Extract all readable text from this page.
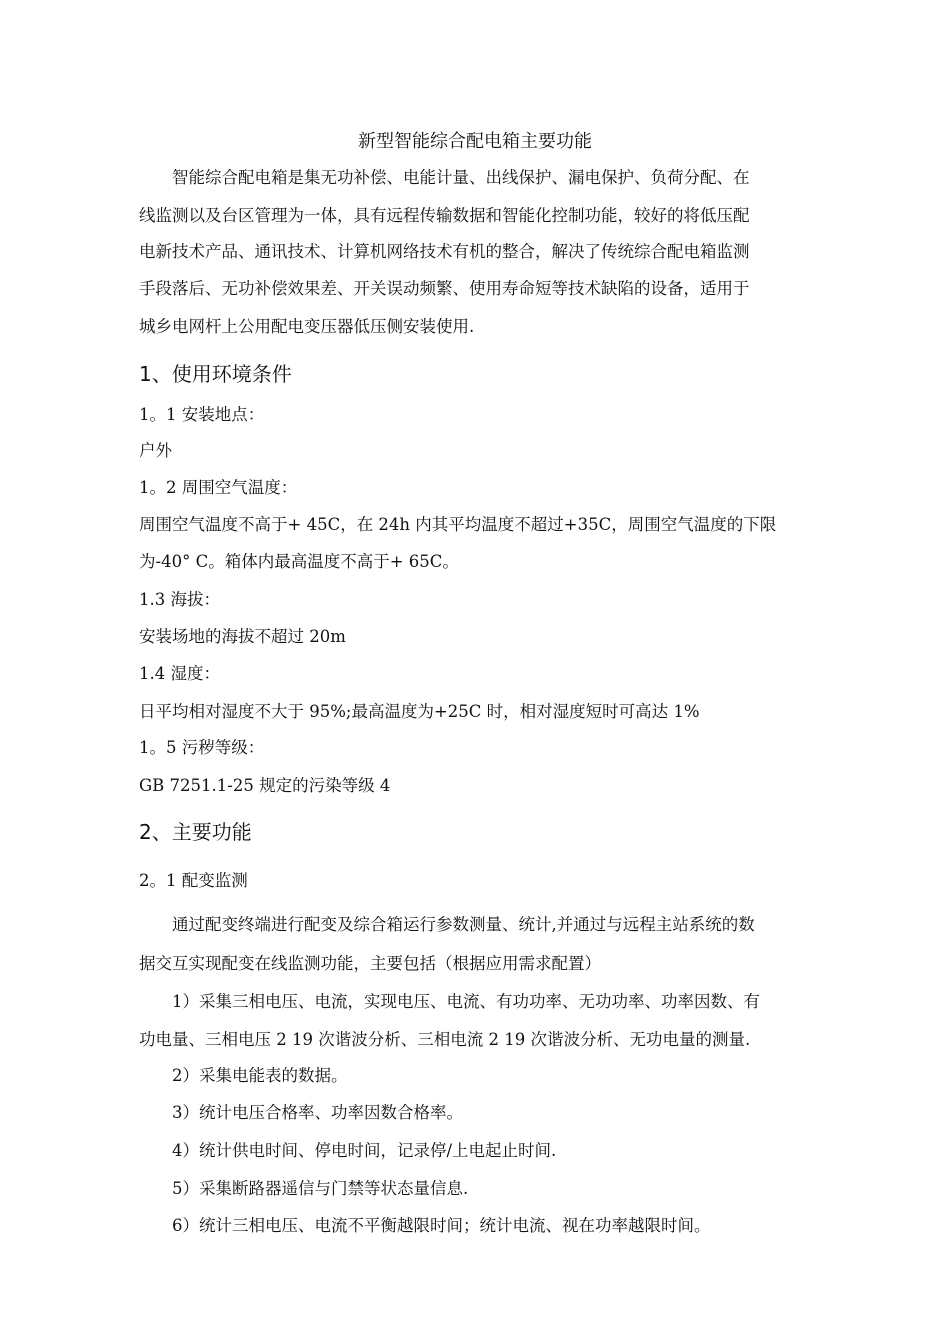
新型智能综合配电箱主要功能
智能综合配电箱是集无功补偿、电能计量、出线保护、漏电保护、负荷分配、在
线监测以及台区管理为一体，具有远程传输数据和智能化控制功能，较好的将低压配
电新技术产品、通讯技术、计算机网络技术有机的整合，解决了传统综合配电箱监测
手段落后、无功补偿效果差、开关误动频繁、使用寿命短等技术缺陷的设备，适用于
城乡电网杆上公用配电变压器低压侧安装使用.
1、使用环境条件
1。1 安装地点：
户外
1。2 周围空气温度：
周围空气温度不高于+ 45C，在 24h 内其平均温度不超过+35C，周围空气温度的下限
为-40° C。箱体内最高温度不高于+ 65C。
1.3 海拔：
安装场地的海拔不超过 20m
1.4 湿度：
日平均相对湿度不大于 95%;最高温度为+25C 时，相对湿度短时可高达 1%
1。5 污秽等级：
GB 7251.1-25 规定的污染等级 4
2、主要功能
2。1 配变监测
通过配变终端进行配变及综合箱运行参数测量、统计,并通过与远程主站系统的数
据交互实现配变在线监测功能，主要包括（根据应用需求配置）
1）采集三相电压、电流，实现电压、电流、有功功率、无功功率、功率因数、有
功电量、三相电压 2 19 次谐波分析、三相电流 2 19 次谐波分析、无功电量的测量.
2）采集电能表的数据。
3）统计电压合格率、功率因数合格率。
4）统计供电时间、停电时间，记录停/上电起止时间.
5）采集断路器遥信与门禁等状态量信息.
6）统计三相电压、电流不平衡越限时间；统计电流、视在功率越限时间。
